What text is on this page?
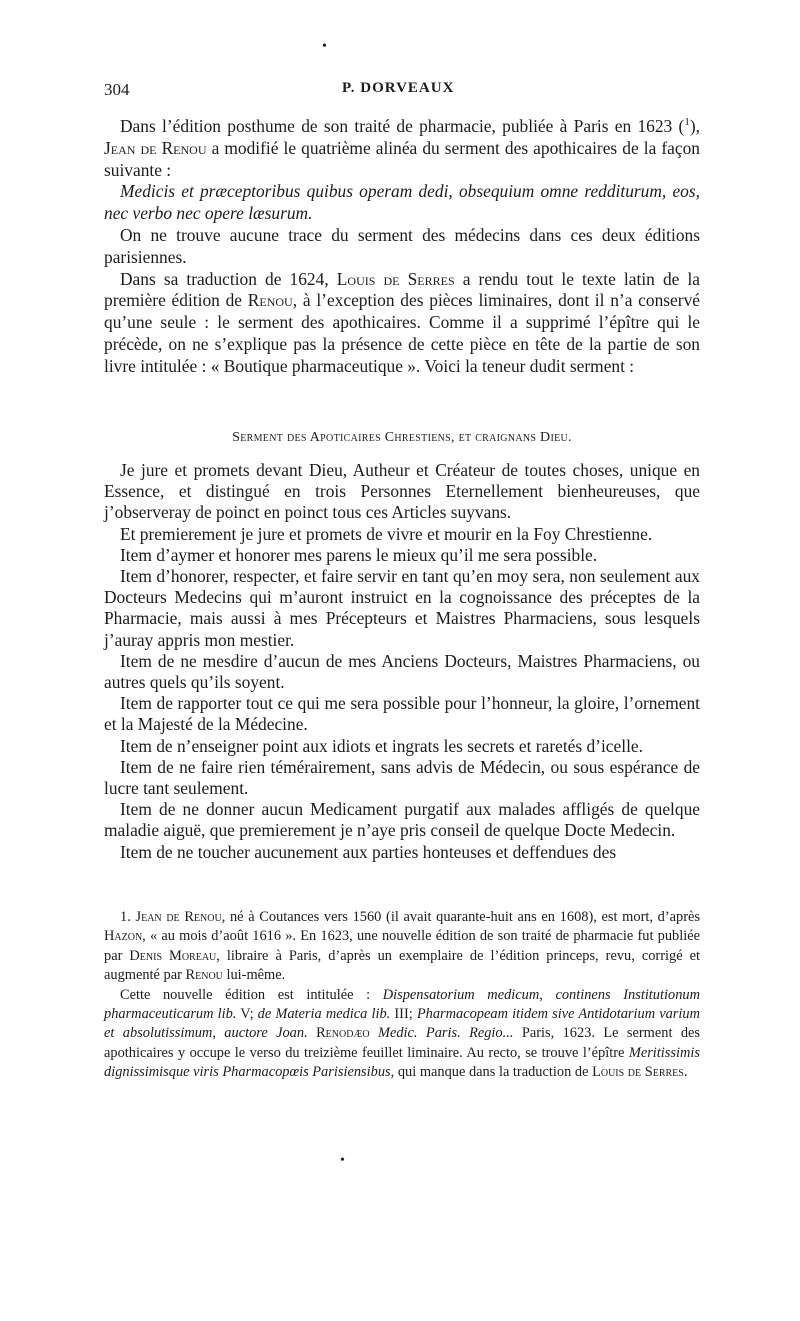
•
304	P. DORVEAUX

Dans l’édition posthume de son traité de pharmacie, publiée à Paris en 1623 ($^1$), Jean de Renou a modifié le quatrième alinéa du serment des apothicaires de la façon suivante :

Medicis et præceptoribus quibus operam dedi, obsequium omne redditurum, eos, nec verbo nec opere læsurum.

On ne trouve aucune trace du serment des médecins dans ces deux éditions parisiennes.

Dans sa traduction de 1624, Louis de Serres a rendu tout le texte latin de la première édition de Renou, à l’exception des pièces liminaires, dont il n’a conservé qu’une seule : le serment des apothicaires. Comme il a supprimé l’épître qui le précède, on ne s’explique pas la présence de cette pièce en tête de la partie de son livre intitulée : « Boutique pharmaceutique ». Voici la teneur dudit serment :

Serment des Apoticaires Chrestiens, et craignans Dieu.

Je jure et promets devant Dieu, Autheur et Créateur de toutes choses, unique en Essence, et distingué en trois Personnes Eternellement bienheureuses, que j’observeray de poinct en poinct tous ces Articles suyvans.

Et premierement je jure et promets de vivre et mourir en la Foy Chrestienne.

Item d’aymer et honorer mes parens le mieux qu’il me sera possible.

Item d’honorer, respecter, et faire servir en tant qu’en moy sera, non seulement aux Docteurs Medecins qui m’auront instruict en la cognoissance des préceptes de la Pharmacie, mais aussi à mes Précepteurs et Maistres Pharmaciens, sous lesquels j’auray appris mon mestier.

Item de ne mesdire d’aucun de mes Anciens Docteurs, Maistres Pharmaciens, ou autres quels qu’ils soyent.

Item de rapporter tout ce qui me sera possible pour l’honneur, la gloire, l’ornement et la Majesté de la Médecine.

Item de n’enseigner point aux idiots et ingrats les secrets et raretés d’icelle.

Item de ne faire rien témérairement, sans advis de Médecin, ou sous espérance de lucre tant seulement.

Item de ne donner aucun Medicament purgatif aux malades affligés de quelque maladie aiguë, que premierement je n’aye pris conseil de quelque Docte Medecin.

Item de ne toucher aucunement aux parties honteuses et deffendues des

1. Jean de Renou, né à Coutances vers 1560 (il avait quarante-huit ans en 1608), est mort, d’après Hazon, « au mois d’août 1616 ». En 1623, une nouvelle édition de son traité de pharmacie fut publiée par Denis Moreau, libraire à Paris, d’après un exemplaire de l’édition princeps, revu, corrigé et augmenté par Renou lui-même.

Cette nouvelle édition est intitulée : Dispensatorium medicum, continens Institutionum pharmaceuticarum lib. V; de Materia medica lib. III; Pharmacopeam itidem sive Antidotarium varium et absolutissimum, auctore Joan. Renodæo Medic. Paris. Regio... Paris, 1623. Le serment des apothicaires y occupe le verso du treizième feuillet liminaire. Au recto, se trouve l’épître Meritissimis dignissimisque viris Pharmacopœis Parisiensibus, qui manque dans la traduction de Louis de Serres.

•
